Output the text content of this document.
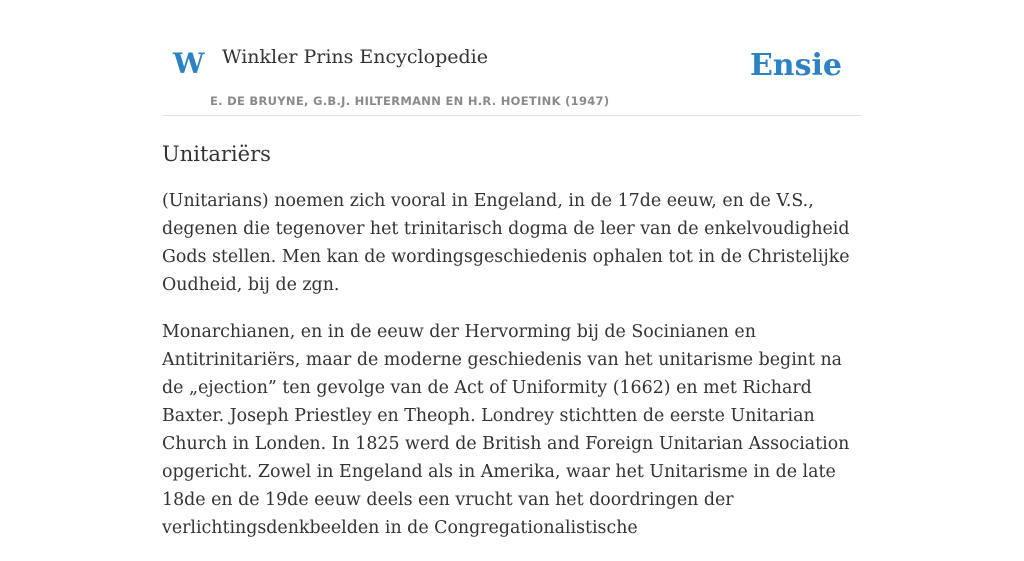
W Winkler Prins Encyclopedie
E. DE BRUYNE, G.B.J. HILTERMANN EN H.R. HOETINK (1947)
Ensie
Unitariërs

(Unitarians) noemen zich vooral in Engeland, in de 17de eeuw, en de V.S., degenen die tegenover het trinitarisch dogma de leer van de enkelvoudigheid Gods stellen. Men kan de wordingsgeschiedenis ophalen tot in de Christelijke Oudheid, bij de zgn.

Monarchianen, en in de eeuw der Hervorming bij de Socinianen en Antitrinitariërs, maar de moderne geschiedenis van het unitarisme begint na de „ejection” ten gevolge van de Act of Uniformity (1662) en met Richard Baxter. Joseph Priestley en Theoph. Londrey stichtten de eerste Unitarian Church in Londen. In 1825 werd de British and Foreign Unitarian Association opgericht. Zowel in Engeland als in Amerika, waar het Unitarisme in de late 18de en de 19de eeuw deels een vrucht van het doordringen der verlichtingsdenkbeelden in de Congregationalistische
